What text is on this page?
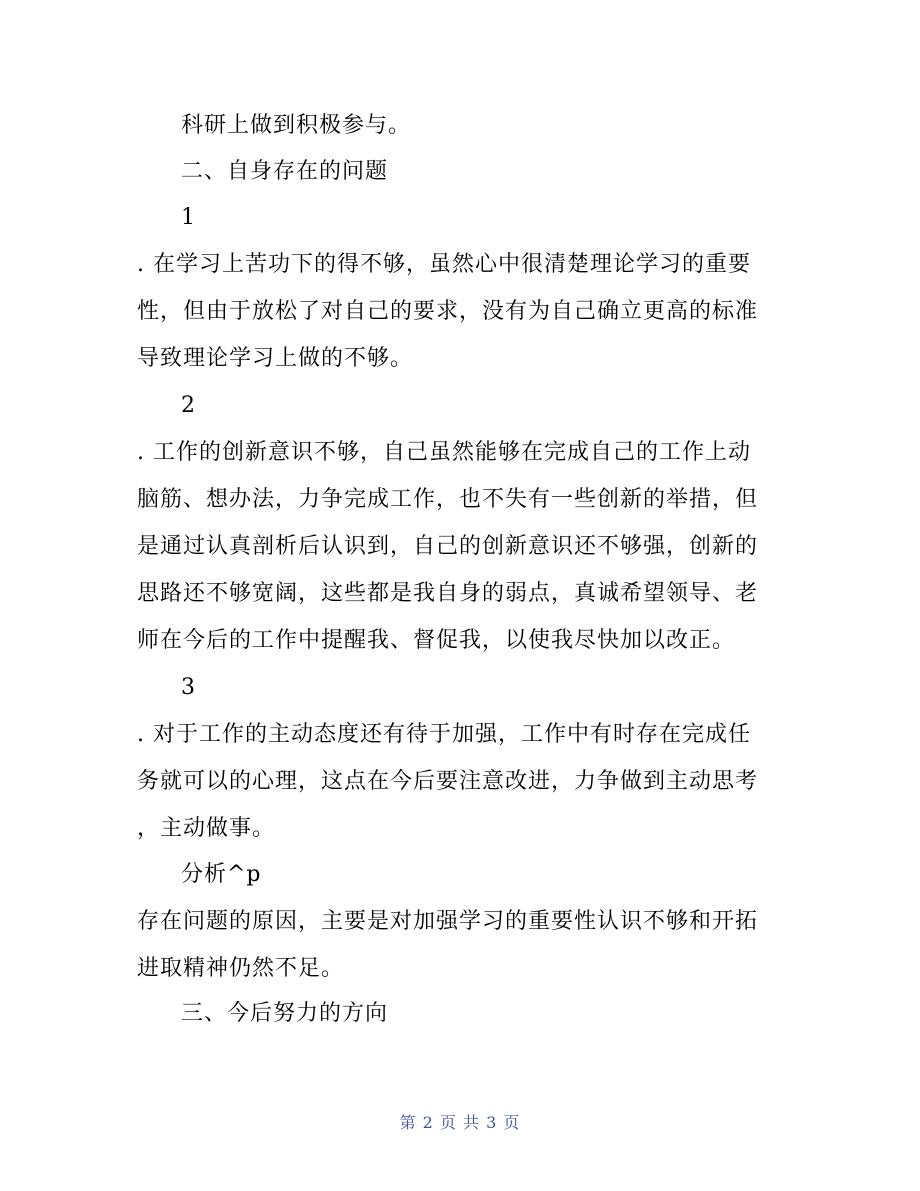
科研上做到积极参与。
二、自身存在的问题
1
. 在学习上苦功下的得不够，虽然心中很清楚理论学习的重要
性，但由于放松了对自己的要求，没有为自己确立更高的标准
导致理论学习上做的不够。
2
. 工作的创新意识不够，自己虽然能够在完成自己的工作上动
脑筋、想办法，力争完成工作，也不失有一些创新的举措，但
是通过认真剖析后认识到，自己的创新意识还不够强，创新的
思路还不够宽阔，这些都是我自身的弱点，真诚希望领导、老
师在今后的工作中提醒我、督促我，以使我尽快加以改正。
3
. 对于工作的主动态度还有待于加强，工作中有时存在完成任
务就可以的心理，这点在今后要注意改进，力争做到主动思考
，主动做事。
分析^p
存在问题的原因，主要是对加强学习的重要性认识不够和开拓
进取精神仍然不足。
三、今后努力的方向
第 2 页 共 3 页
